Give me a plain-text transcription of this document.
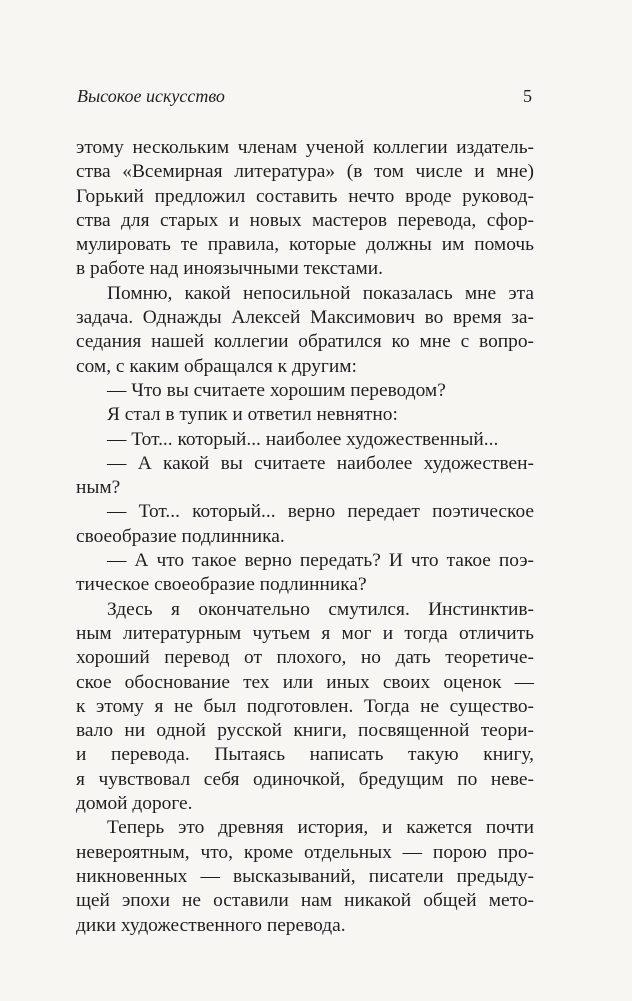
Высокое искусство	5
этому нескольким членам ученой коллегии издатель-
ства «Всемирная литература» (в том числе и мне)
Горький предложил составить нечто вроде руковод-
ства для старых и новых мастеров перевода, сфор-
мулировать те правила, которые должны им помочь
в работе над иноязычными текстами.
Помню, какой непосильной показалась мне эта
задача. Однажды Алексей Максимович во время за-
седания нашей коллегии обратился ко мне с вопро-
сом, с каким обращался к другим:
— Что вы считаете хорошим переводом?
Я стал в тупик и ответил невнятно:
— Тот... который... наиболее художественный...
— А какой вы считаете наиболее художествен-
ным?
— Тот... который... верно передает поэтическое
своеобразие подлинника.
— А что такое верно передать? И что такое поэ-
тическое своеобразие подлинника?
Здесь я окончательно смутился. Инстинктив-
ным литературным чутьем я мог и тогда отличить
хороший перевод от плохого, но дать теоретиче-
ское обоснование тех или иных своих оценок —
к этому я не был подготовлен. Тогда не существо-
вало ни одной русской книги, посвященной теори-
и перевода. Пытаясь написать такую книгу,
я чувствовал себя одиночкой, бредущим по неве-
домой дороге.
Теперь это древняя история, и кажется почти
невероятным, что, кроме отдельных — порою про-
никновенных — высказываний, писатели предыду-
щей эпохи не оставили нам никакой общей мето-
дики художественного перевода.
